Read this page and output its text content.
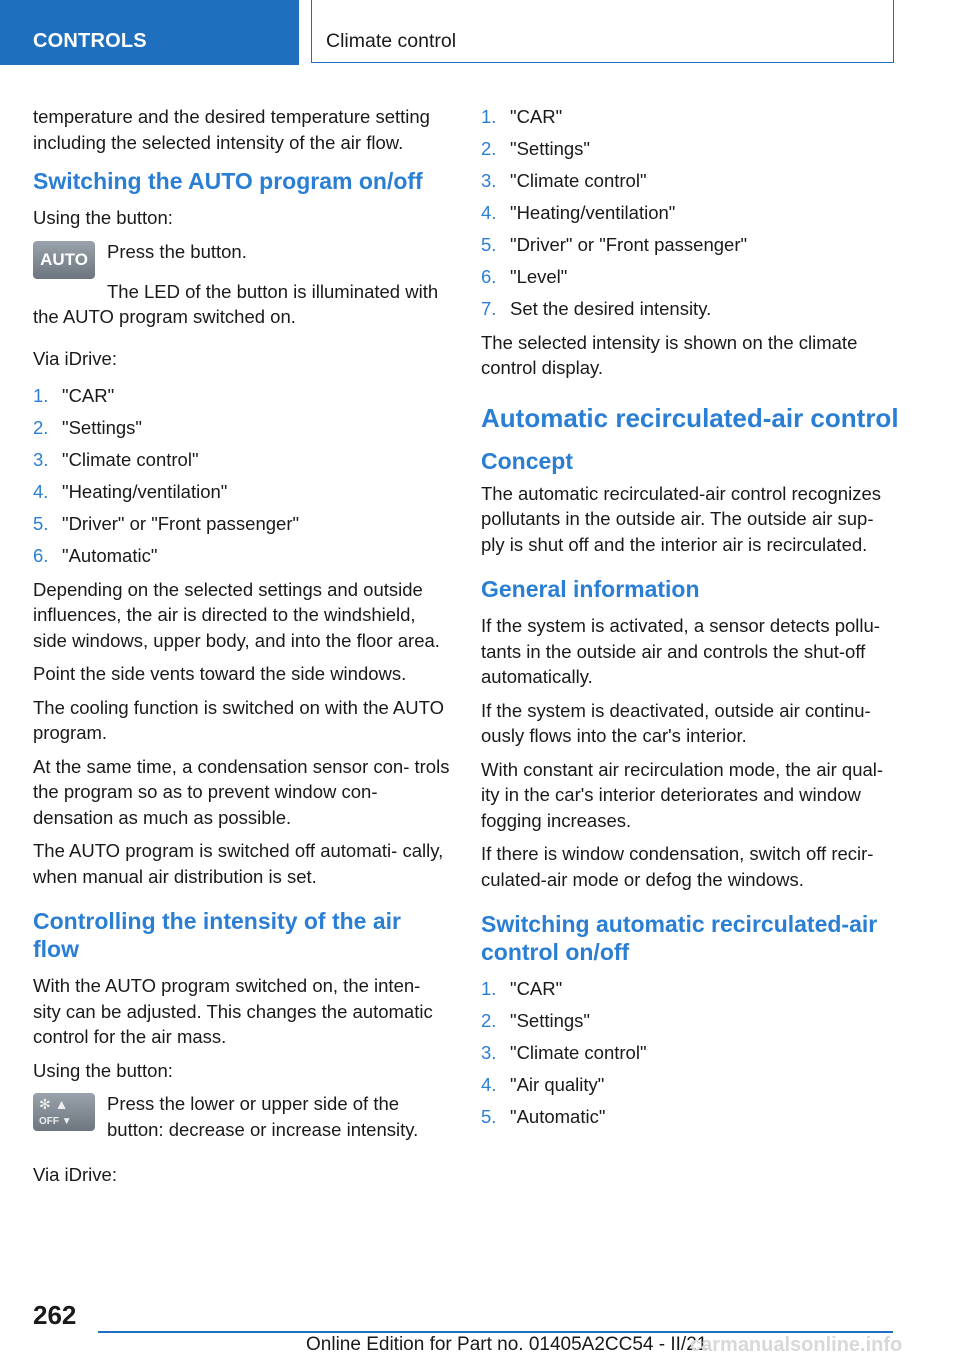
CONTROLS	Climate control

temperature and the desired temperature setting including the selected intensity of the air flow.

Switching the AUTO program on/off

Using the button:

AUTO Press the button.

The LED of the button is illuminated with the AUTO program switched on.

Via iDrive:

1. "CAR"
2. "Settings"
3. "Climate control"
4. "Heating/ventilation"
5. "Driver" or "Front passenger"
6. "Automatic"

Depending on the selected settings and outside influences, the air is directed to the windshield, side windows, upper body, and into the floor area.

Point the side vents toward the side windows.

The cooling function is switched on with the AUTO program.

At the same time, a condensation sensor con‐ trols the program so as to prevent window con‐ densation as much as possible.

The AUTO program is switched off automati‐ cally, when manual air distribution is set.

Controlling the intensity of the air flow

With the AUTO program switched on, the inten‐ sity can be adjusted. This changes the automatic control for the air mass.

Using the button:

✻ ▲
OFF ▼

Press the lower or upper side of the button: decrease or increase intensity.

Via iDrive:

1. "CAR"
2. "Settings"
3. "Climate control"
4. "Heating/ventilation"
5. "Driver" or "Front passenger"
6. "Level"
7. Set the desired intensity.

The selected intensity is shown on the climate control display.

Automatic recirculated-air control
Concept

The automatic recirculated-air control recognizes pollutants in the outside air. The outside air sup‐ ply is shut off and the interior air is recirculated.

General information

If the system is activated, a sensor detects pollu‐ tants in the outside air and controls the shut-off automatically.

If the system is deactivated, outside air continu‐ ously flows into the car's interior.

With constant air recirculation mode, the air qual‐ ity in the car's interior deteriorates and window fogging increases.

If there is window condensation, switch off recir‐ culated-air mode or defog the windows.

Switching automatic recirculated-air control on/off
1. "CAR"
2. "Settings"
3. "Climate control"
4. "Air quality"
5. "Automatic"
262
Online Edition for Part no. 01405A2CC54 - II/21
carmanualsonline.info
